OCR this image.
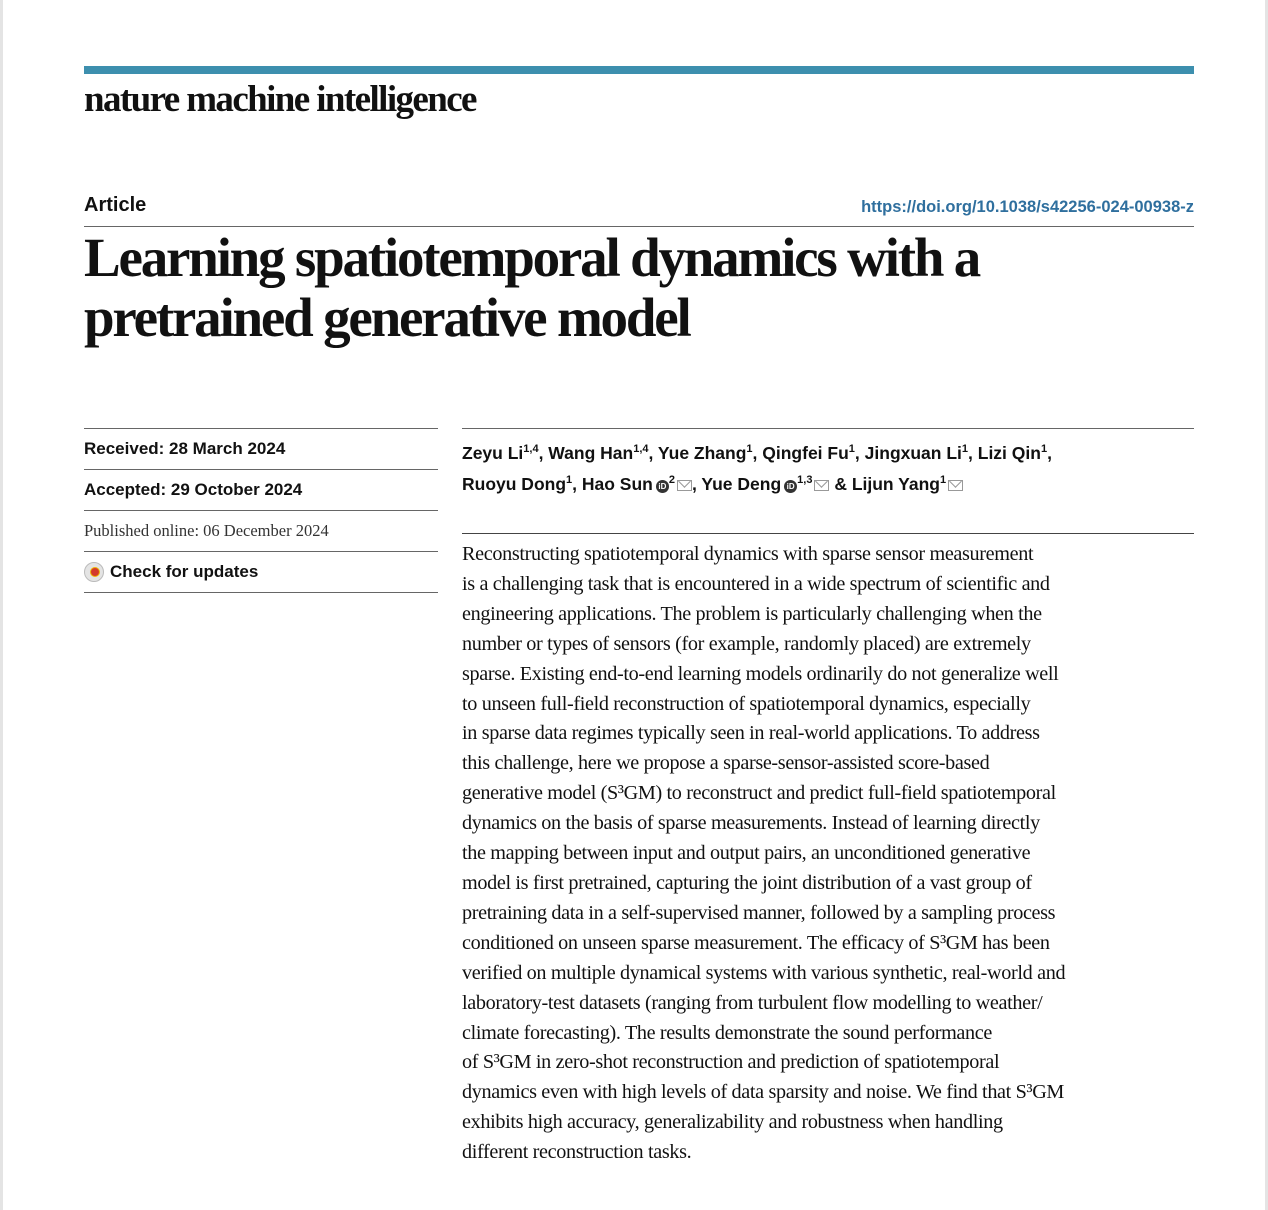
nature machine intelligence
Article	https://doi.org/10.1038/s42256-024-00938-z
Learning spatiotemporal dynamics with a pretrained generative model
Received: 28 March 2024
Accepted: 29 October 2024
Published online: 06 December 2024
Check for updates
Zeyu Li$^{1,4}$, Wang Han$^{1,4}$, Yue Zhang$^1$, Qingfei Fu$^1$, Jingxuan Li$^1$, Lizi Qin$^1$,
Ruoyu Dong$^1$, Hao Sun $iD^2$ , Yue Deng iD$^{1,3}$ & Lijun Yang$^1$

Reconstructing spatiotemporal dynamics with sparse sensor measurement
is a challenging task that is encountered in a wide spectrum of scientific and
engineering applications. The problem is particularly challenging when the
number or types of sensors (for example, randomly placed) are extremely
sparse. Existing end-to-end learning models ordinarily do not generalize well
to unseen full-field reconstruction of spatiotemporal dynamics, especially
in sparse data regimes typically seen in real-world applications. To address
this challenge, here we propose a sparse-sensor-assisted score-based
generative model (S³GM) to reconstruct and predict full-field spatiotemporal
dynamics on the basis of sparse measurements. Instead of learning directly
the mapping between input and output pairs, an unconditioned generative
model is first pretrained, capturing the joint distribution of a vast group of
pretraining data in a self-supervised manner, followed by a sampling process
conditioned on unseen sparse measurement. The efficacy of S³GM has been
verified on multiple dynamical systems with various synthetic, real-world and
laboratory-test datasets (ranging from turbulent flow modelling to weather/
climate forecasting). The results demonstrate the sound performance
of S³GM in zero-shot reconstruction and prediction of spatiotemporal
dynamics even with high levels of data sparsity and noise. We find that S³GM
exhibits high accuracy, generalizability and robustness when handling
different reconstruction tasks.
